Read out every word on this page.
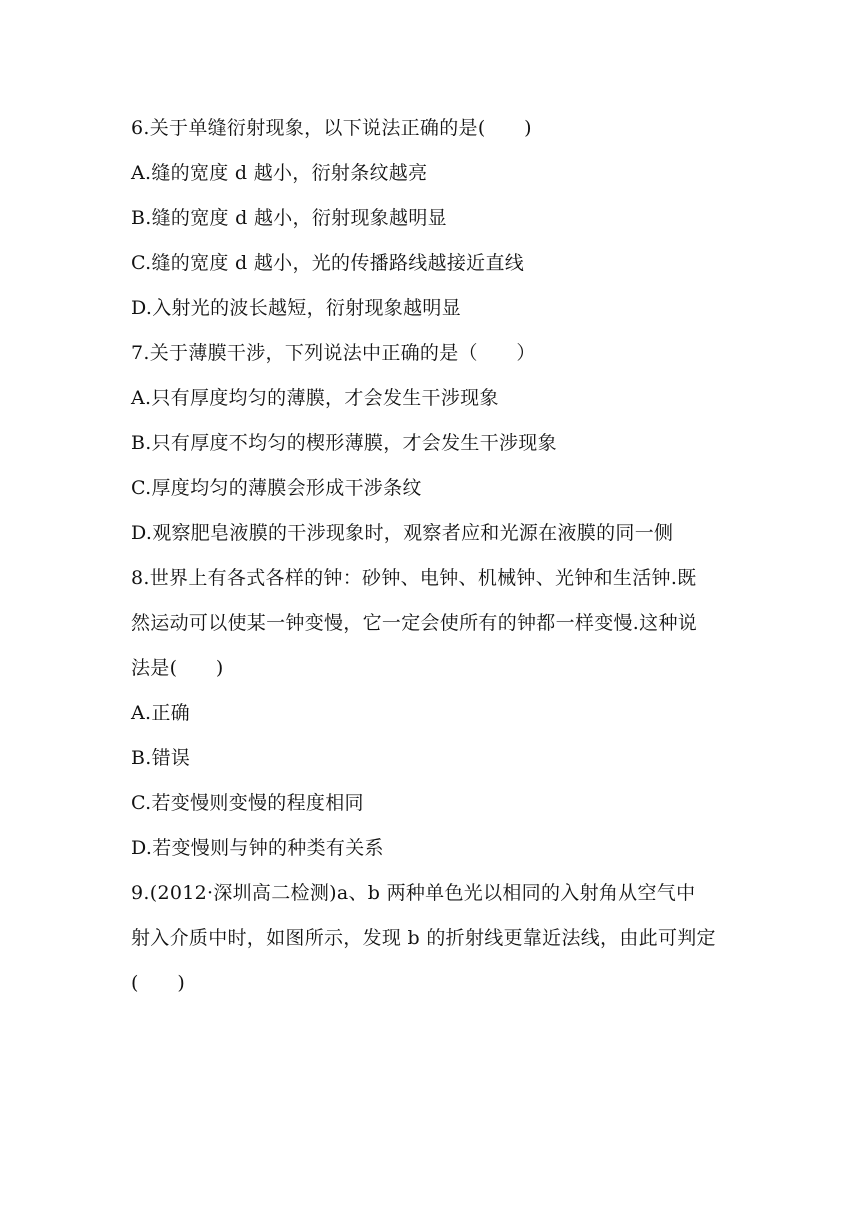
6.关于单缝衍射现象，以下说法正确的是(　　)
A.缝的宽度 d 越小，衍射条纹越亮
B.缝的宽度 d 越小，衍射现象越明显
C.缝的宽度 d 越小，光的传播路线越接近直线
D.入射光的波长越短，衍射现象越明显
7.关于薄膜干涉，下列说法中正确的是（　　）
A.只有厚度均匀的薄膜，才会发生干涉现象
B.只有厚度不均匀的楔形薄膜，才会发生干涉现象
C.厚度均匀的薄膜会形成干涉条纹
D.观察肥皂液膜的干涉现象时，观察者应和光源在液膜的同一侧
8.世界上有各式各样的钟：砂钟、电钟、机械钟、光钟和生活钟.既
然运动可以使某一钟变慢，它一定会使所有的钟都一样变慢.这种说
法是(　　)
A.正确
B.错误
C.若变慢则变慢的程度相同
D.若变慢则与钟的种类有关系
9.(2012·深圳高二检测)a、b 两种单色光以相同的入射角从空气中
射入介质中时，如图所示，发现 b 的折射线更靠近法线，由此可判定
(　　)
